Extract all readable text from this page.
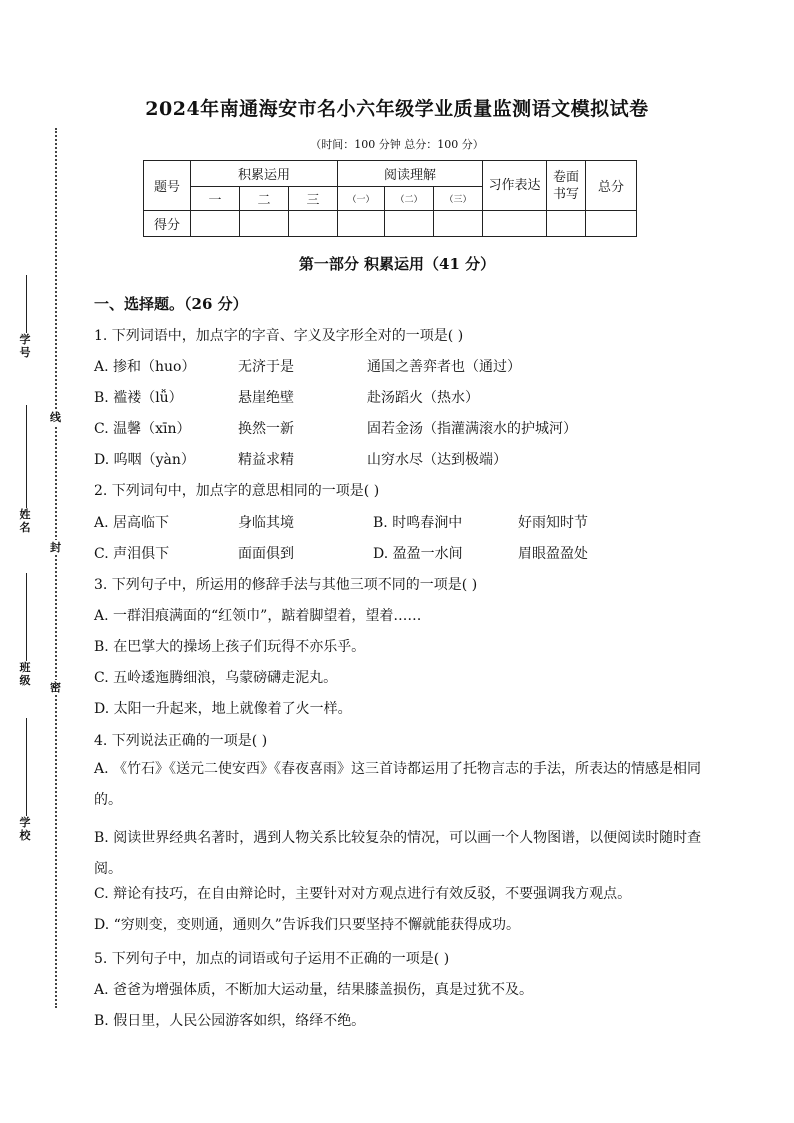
线
封
密
学号
姓名
班级
学校
2024年南通海安市名小六年级学业质量监测语文模拟试卷
（时间：100 分钟 总分：100 分）
题号	积累运用			阅读理解			习作表达	卷面书写	总分
	一	二	三	（一）	（二）	（三）			
得分									
第一部分 积累运用（41 分）
一、选择题。（26 分）
1. 下列词语中，加点字的字音、字义及字形全对的一项是( )
A. 掺和（huo）	无济于是	通国之善弈者也（通过）
B. 褴褛（lǚ）	悬崖绝壁	赴汤蹈火（热水）
C. 温馨（xīn）	换然一新	固若金汤（指灌满滚水的护城河）
D. 呜咽（yàn）	精益求精	山穷水尽（达到极端）
2. 下列词句中，加点字的意思相同的一项是( )
A. 居高临下	身临其境	B. 时鸣春涧中	好雨知时节
C. 声泪俱下	面面俱到	D. 盈盈一水间	眉眼盈盈处
3. 下列句子中，所运用的修辞手法与其他三项不同的一项是( )
A. 一群泪痕满面的“红领巾”，踮着脚望着，望着……
B. 在巴掌大的操场上孩子们玩得不亦乐乎。
C. 五岭逶迤腾细浪，乌蒙磅礴走泥丸。
D. 太阳一升起来，地上就像着了火一样。
4. 下列说法正确的一项是( )
A. 《竹石》《送元二使安西》《春夜喜雨》这三首诗都运用了托物言志的手法，所表达的情感是相同的。
B. 阅读世界经典名著时，遇到人物关系比较复杂的情况，可以画一个人物图谱，以便阅读时随时查阅。
C. 辩论有技巧，在自由辩论时，主要针对对方观点进行有效反驳，不要强调我方观点。
D. “穷则变，变则通，通则久”告诉我们只要坚持不懈就能获得成功。
5. 下列句子中，加点的词语或句子运用不正确的一项是( )
A. 爸爸为增强体质，不断加大运动量，结果膝盖损伤，真是过犹不及。
B. 假日里，人民公园游客如织，络绎不绝。
